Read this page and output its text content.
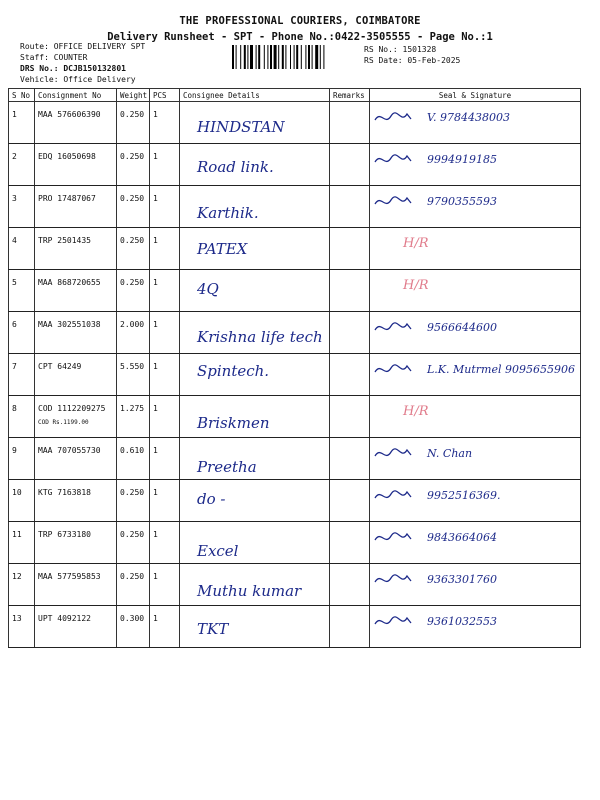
THE PROFESSIONAL COURIERS, COIMBATORE
Delivery Runsheet - SPT - Phone No.:0422-3505555 - Page No.:1
Route: OFFICE DELIVERY SPT
Staff: COUNTER
DRS No.: DCJB150132801
Vehicle: Office Delivery
RS No.: 1501328
RS Date: 05-Feb-2025
S No	Consignment No	Weight	PCS	Consignee Details	Remarks	Seal & Signature
1	MAA 576606390	0.250	1	HINDSTAN		V. 9784438003
2	EDQ 16050698	0.250	1	Road link.		9994919185
3	PRO 17487067	0.250	1	Karthik.		9790355593
4	TRP 2501435	0.250	1	PATEX		H/R
5	MAA 868720655	0.250	1	4Q		H/R
6	MAA 302551038	2.000	1	Krishna life tech		9566644600
7	CPT 64249	5.550	1	Spintech.		L.K. Mutrmel 9095655906
8	COD 1112209275
COD Rs.1199.00	1.275	1	Briskmen		H/R
9	MAA 707055730	0.610	1	Preetha		N. Chan
10	KTG 7163818	0.250	1	do -		9952516369.
11	TRP 6733180	0.250	1	Excel		9843664064
12	MAA 577595853	0.250	1	Muthu kumar		9363301760
13	UPT 4092122	0.300	1	TKT		9361032553
